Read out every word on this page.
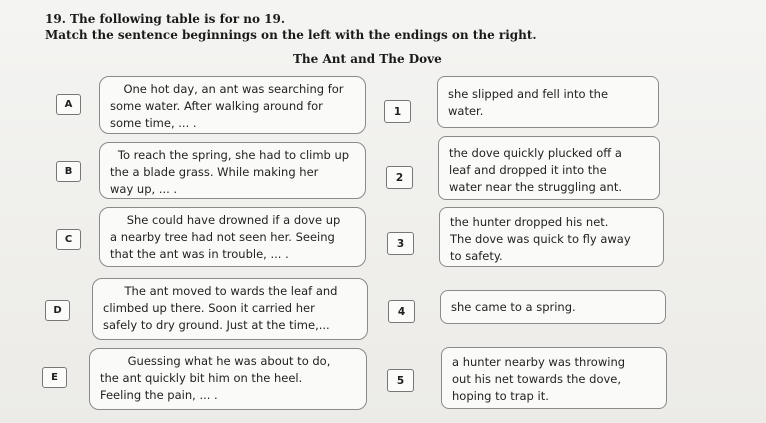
19. The following table is for no 19.
Match the sentence beginnings on the left with the endings on the right.
The Ant and The Dove
A
One hot day, an ant was searching for
some water. After walking around for
some time, ... .
1
she slipped and fell into the
water.
B
To reach the spring, she had to climb up
the a blade grass. While making her
way up, ... .
2
the dove quickly plucked off a
leaf and dropped it into the
water near the struggling ant.
C
She could have drowned if a dove up
a nearby tree had not seen her. Seeing
that the ant was in trouble, ... .
3
the hunter dropped his net.
The dove was quick to fly away
to safety.
D
The ant moved to wards the leaf and
climbed up there. Soon it carried her
safely to dry ground. Just at the time,...
4	she came to a spring.
E
Guessing what he was about to do,
the ant quickly bit him on the heel.
Feeling the pain, ... .
5
a hunter nearby was throwing
out his net towards the dove,
hoping to trap it.
